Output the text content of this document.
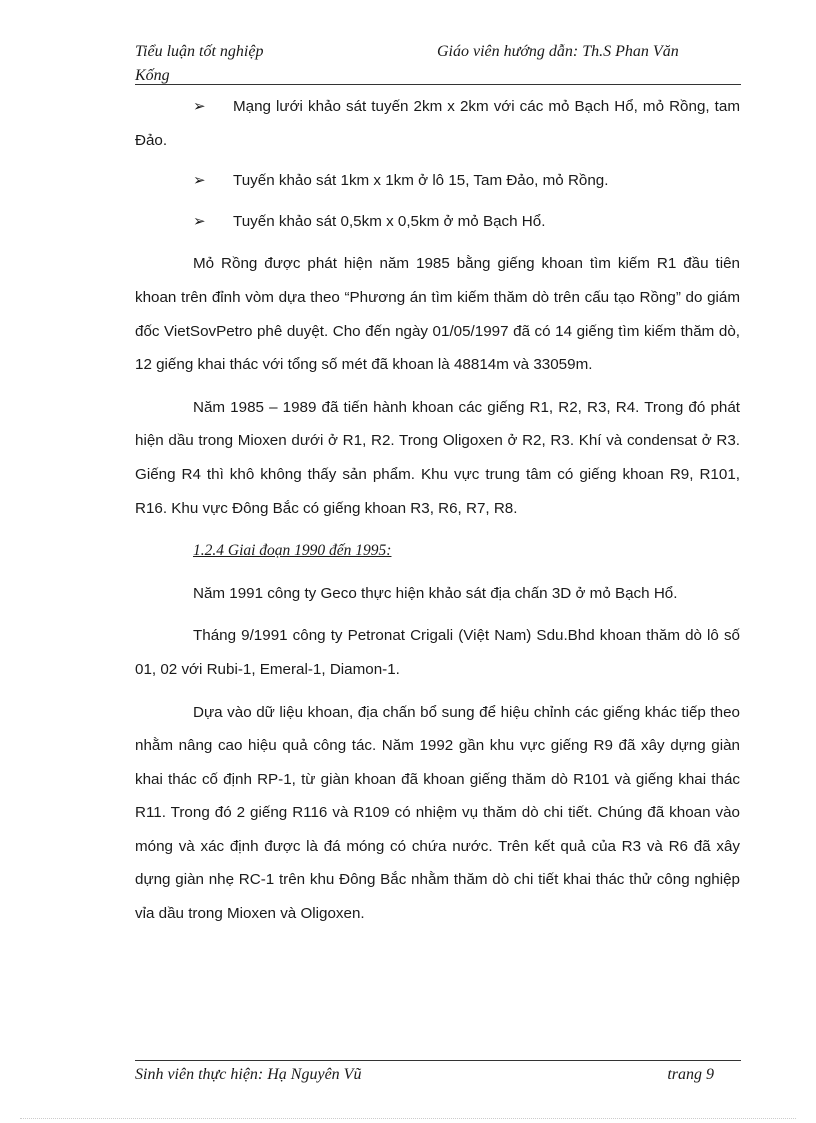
Tiểu luận tốt nghiệp
Kống
Giáo viên hướng dẫn: Th.S Phan Văn
➢ Mạng lưới khảo sát tuyến 2km x 2km với các mỏ Bạch Hổ, mỏ Rồng, tam Đảo.
➢	Tuyến khảo sát 1km x 1km ở lô 15, Tam Đảo, mỏ Rồng.
➢	Tuyến khảo sát 0,5km x 0,5km ở mỏ Bạch Hổ.

Mỏ Rồng được phát hiện năm 1985 bằng giếng khoan tìm kiếm R1 đầu tiên khoan trên đỉnh vòm dựa theo “Phương án tìm kiếm thăm dò trên cấu tạo Rồng” do giám đốc VietSovPetro phê duyệt. Cho đến ngày 01/05/1997 đã có 14 giếng tìm kiếm thăm dò, 12 giếng khai thác với tổng số mét đã khoan là 48814m và 33059m.

Năm 1985 – 1989 đã tiến hành khoan các giếng R1, R2, R3, R4. Trong đó phát hiện dầu trong Mioxen dưới ở R1, R2. Trong Oligoxen ở R2, R3. Khí và condensat ở R3. Giếng R4 thì khô không thấy sản phẩm. Khu vực trung tâm có giếng khoan R9, R101, R16. Khu vực Đông Bắc có giếng khoan R3, R6, R7, R8.

1.2.4 Giai đoạn 1990 đến 1995:

Năm 1991 công ty Geco thực hiện khảo sát địa chấn 3D ở mỏ Bạch Hổ.

Tháng 9/1991 công ty Petronat Crigali (Việt Nam) Sdu.Bhd khoan thăm dò lô số 01, 02 với Rubi-1, Emeral-1, Diamon-1.

Dựa vào dữ liệu khoan, địa chấn bổ sung để hiệu chỉnh các giếng khác tiếp theo nhằm nâng cao hiệu quả công tác. Năm 1992 gần khu vực giếng R9 đã xây dựng giàn khai thác cố định RP-1, từ giàn khoan đã khoan giếng thăm dò R101 và giếng khai thác R11. Trong đó 2 giếng R116 và R109 có nhiệm vụ thăm dò chi tiết. Chúng đã khoan vào móng và xác định được là đá móng có chứa nước. Trên kết quả của R3 và R6 đã xây dựng giàn nhẹ RC-1 trên khu Đông Bắc nhằm thăm dò chi tiết khai thác thử công nghiệp vỉa dầu trong Mioxen và Oligoxen.

Sinh viên thực hiện: Hạ Nguyên Vũ	trang 9
